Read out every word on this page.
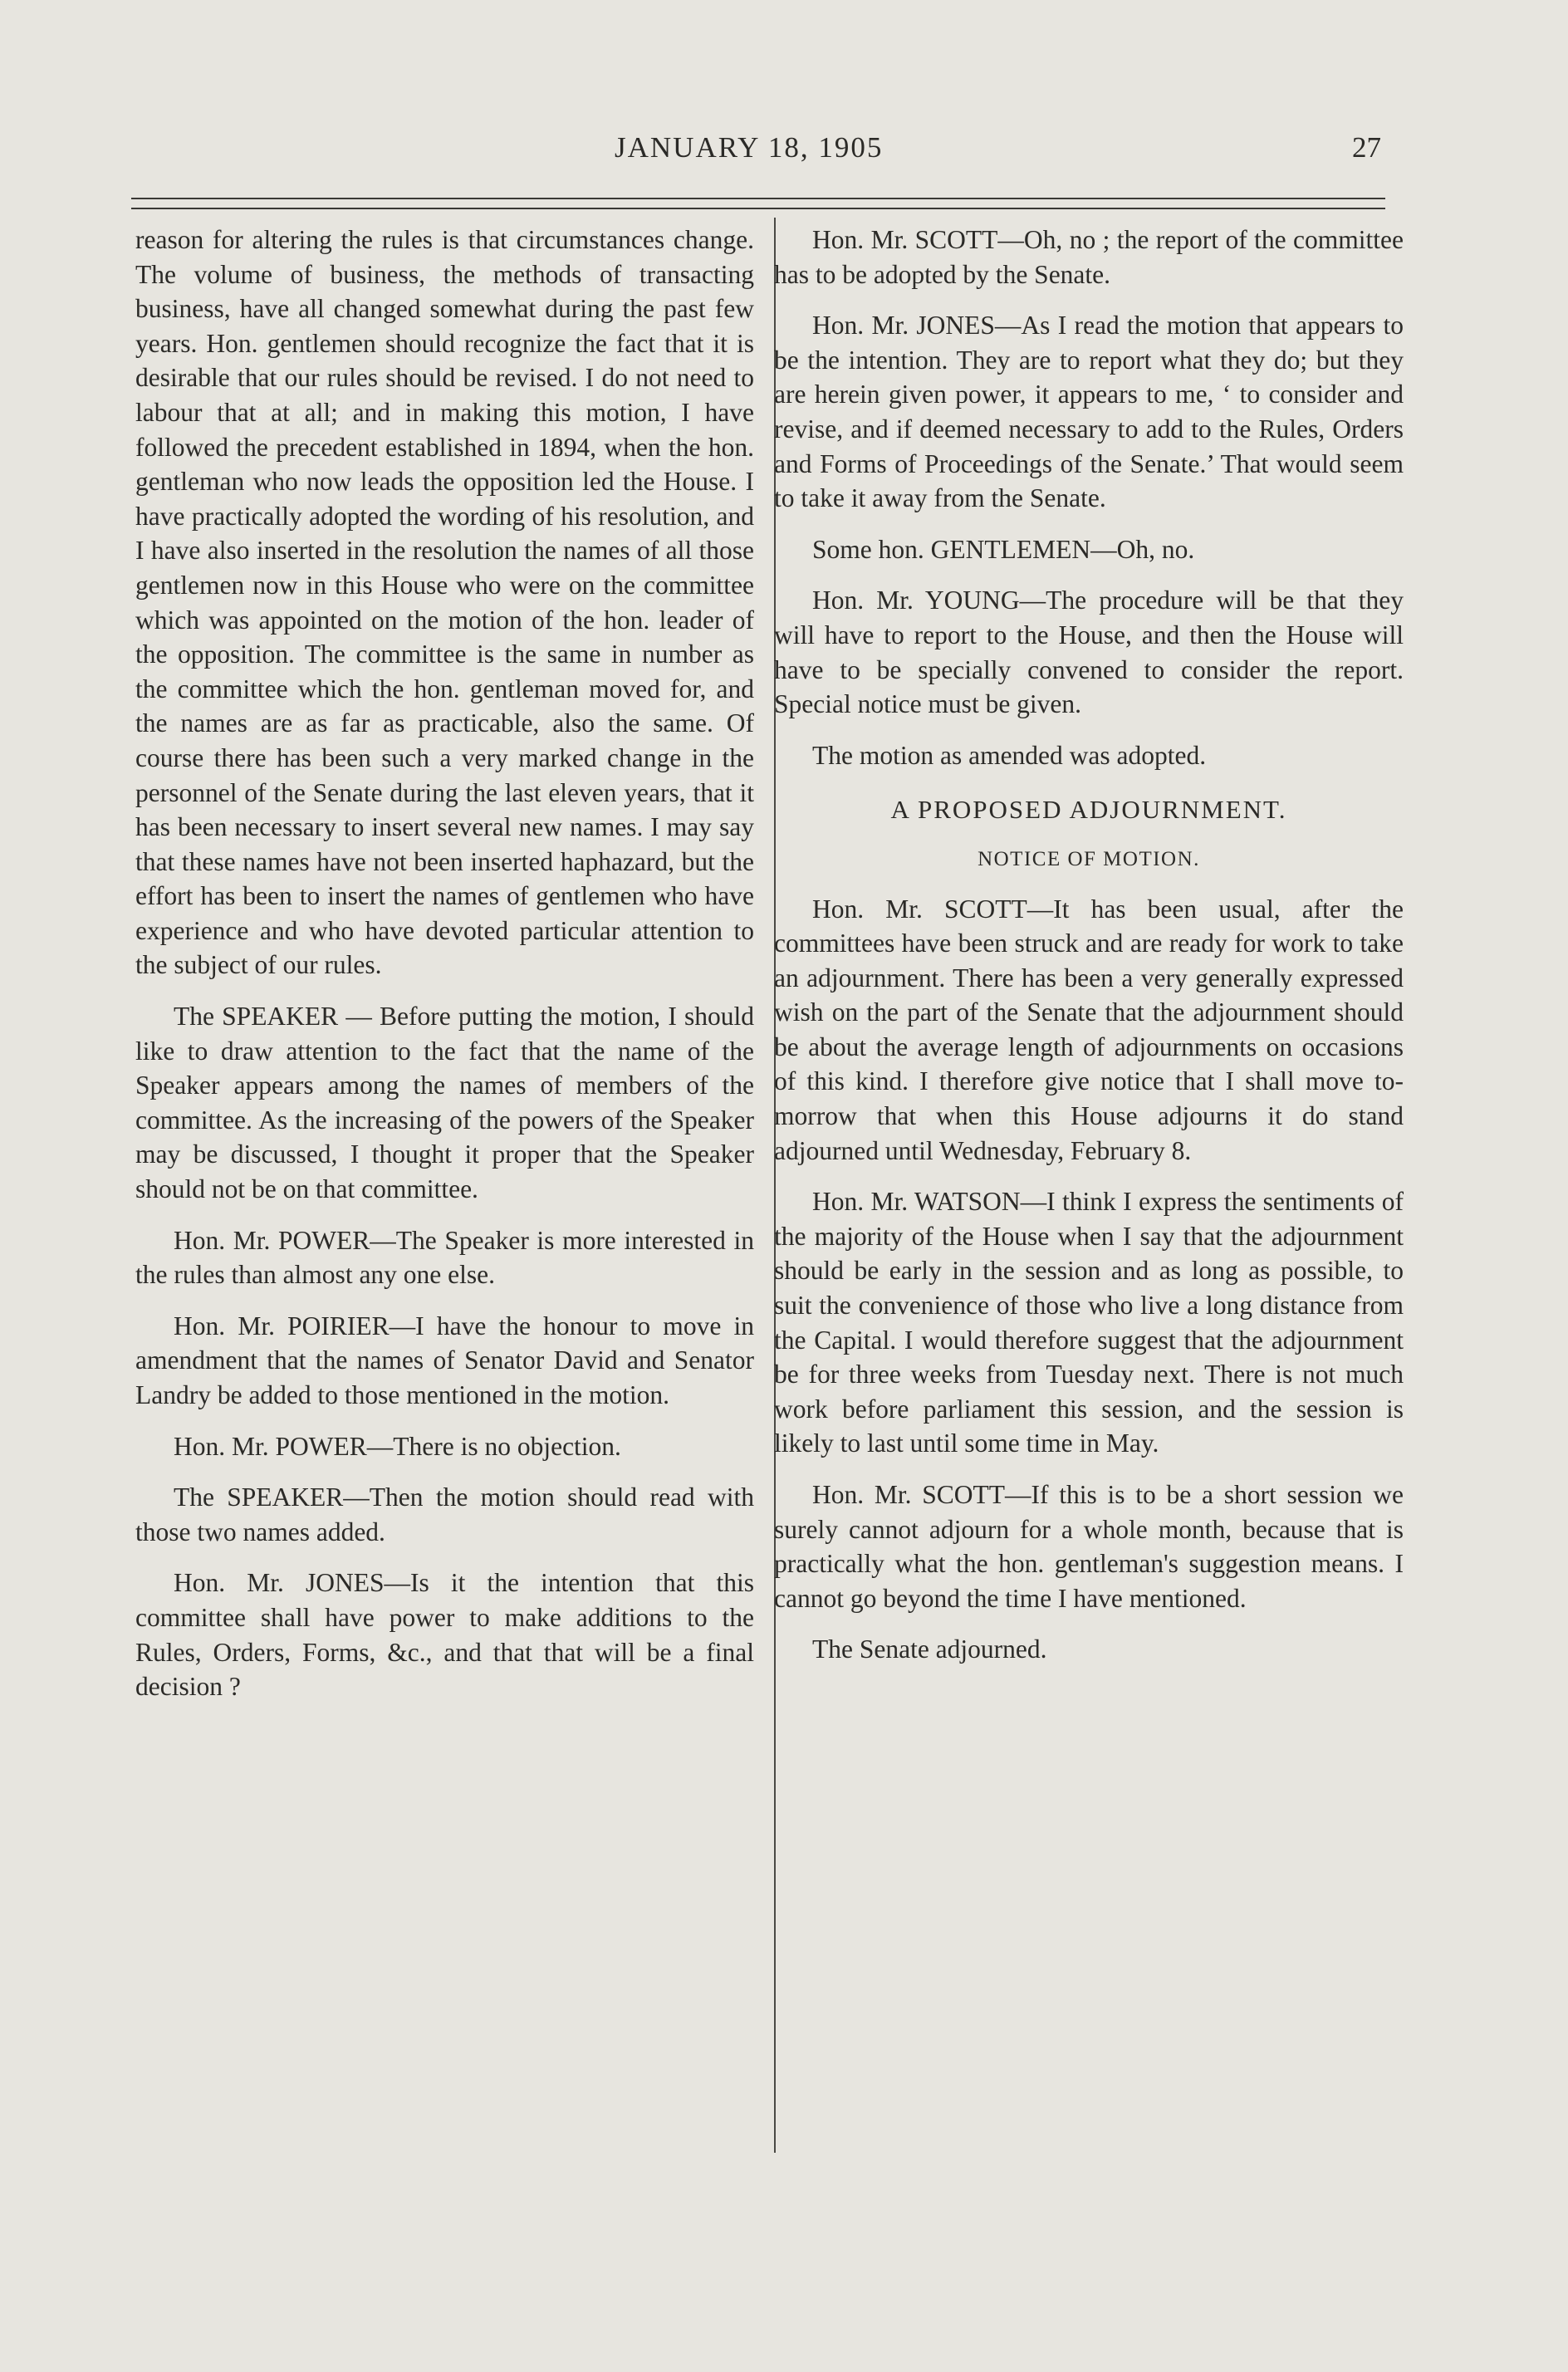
JANUARY 18, 1905	27

reason for altering the rules is that circumstances change. The volume of business, the methods of transacting business, have all changed somewhat during the past few years. Hon. gentlemen should recognize the fact that it is desirable that our rules should be revised. I do not need to labour that at all; and in making this motion, I have followed the precedent established in 1894, when the hon. gentleman who now leads the opposition led the House. I have practically adopted the wording of his resolution, and I have also inserted in the resolution the names of all those gentlemen now in this House who were on the committee which was appointed on the motion of the hon. leader of the opposition. The committee is the same in number as the committee which the hon. gentleman moved for, and the names are as far as practicable, also the same. Of course there has been such a very marked change in the personnel of the Senate during the last eleven years, that it has been necessary to insert several new names. I may say that these names have not been inserted haphazard, but the effort has been to insert the names of gentlemen who have experience and who have devoted particular attention to the subject of our rules.

The SPEAKER — Before putting the motion, I should like to draw attention to the fact that the name of the Speaker appears among the names of members of the committee. As the increasing of the powers of the Speaker may be discussed, I thought it proper that the Speaker should not be on that committee.

Hon. Mr. POWER—The Speaker is more interested in the rules than almost any one else.

Hon. Mr. POIRIER—I have the honour to move in amendment that the names of Senator David and Senator Landry be added to those mentioned in the motion.

Hon. Mr. POWER—There is no objection.

The SPEAKER—Then the motion should read with those two names added.

Hon. Mr. JONES—Is it the intention that this committee shall have power to make additions to the Rules, Orders, Forms, &c., and that that will be a final decision ?

Hon. Mr. SCOTT—Oh, no ; the report of the committee has to be adopted by the Senate.

Hon. Mr. JONES—As I read the motion that appears to be the intention. They are to report what they do; but they are herein given power, it appears to me, ‘ to consider and revise, and if deemed necessary to add to the Rules, Orders and Forms of Proceedings of the Senate.’ That would seem to take it away from the Senate.

Some hon. GENTLEMEN—Oh, no.

Hon. Mr. YOUNG—The procedure will be that they will have to report to the House, and then the House will have to be specially convened to consider the report. Special notice must be given.

The motion as amended was adopted.

A PROPOSED ADJOURNMENT.
NOTICE OF MOTION.

Hon. Mr. SCOTT—It has been usual, after the committees have been struck and are ready for work to take an adjournment. There has been a very generally expressed wish on the part of the Senate that the adjournment should be about the average length of adjournments on occasions of this kind. I therefore give notice that I shall move to-morrow that when this House adjourns it do stand adjourned until Wednesday, February 8.

Hon. Mr. WATSON—I think I express the sentiments of the majority of the House when I say that the adjournment should be early in the session and as long as possible, to suit the convenience of those who live a long distance from the Capital. I would therefore suggest that the adjournment be for three weeks from Tuesday next. There is not much work before parliament this session, and the session is likely to last until some time in May.

Hon. Mr. SCOTT—If this is to be a short session we surely cannot adjourn for a whole month, because that is practically what the hon. gentleman's suggestion means. I cannot go beyond the time I have mentioned.

The Senate adjourned.
